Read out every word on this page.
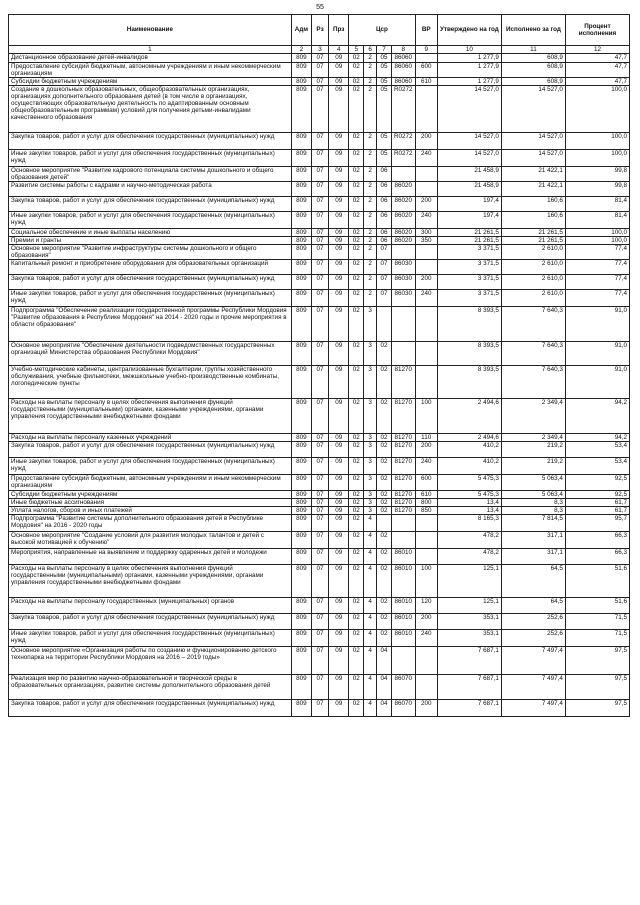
55
Наименование	Адм	Рз	Прз	Цср				ВР	Утверждено на год	Исполнено за год	Процент исполнения
1	2	3	4	5	6	7	8	9	10	11	12
Дистанционное образование детей-инвалидов	809	07	09	02	2	05	86060		1 277,9	608,9	47,7
Предоставление субсидий бюджетным, автономным учреждениям и иным некоммерческим организациям	809	07	09	02	2	05	86060	600	1 277,9	608,9	47,7
Субсидии бюджетным учреждениям	809	07	09	02	2	05	86060	610	1 277,9	608,9	47,7
Создание в дошкольных образовательных, общеобразовательных организациях, организациях дополнительного образования детей (в том числе в организациях, осуществляющих образовательную деятельность по адаптированным основным общеобразовательным программам) условий для получения детьми-инвалидами качественного образования	809	07	09	02	2	05	R0272		14 527,0	14 527,0	100,0
Закупка товаров, работ и услуг для обеспечения государственных (муниципальных) нужд	809	07	09	02	2	05	R0272	200	14 527,0	14 527,0	100,0
Иные закупки товаров, работ и услуг для обеспечения государственных (муниципальных) нужд	809	07	09	02	2	05	R0272	240	14 527,0	14 527,0	100,0
Основное мероприятие "Развитие кадрового потенциала системы дошкольного и общего образования детей"	809	07	09	02	2	06			21 458,9	21 422,1	99,8
Развитие системы работы с кадрами и научно-методическая работа	809	07	09	02	2	06	86020		21 458,9	21 422,1	99,8
Закупка товаров, работ и услуг для обеспечения государственных (муниципальных) нужд	809	07	09	02	2	06	86020	200	197,4	160,6	81,4
Иные закупки товаров, работ и услуг для обеспечения государственных (муниципальных) нужд	809	07	09	02	2	06	86020	240	197,4	160,6	81,4
Социальное обеспечение и иные выплаты населению	809	07	09	02	2	06	86020	300	21 261,5	21 261,5	100,0
Премии и гранты	809	07	09	02	2	06	86020	350	21 261,5	21 261,5	100,0
Основное мероприятие "Развитие инфраструктуры системы дошкольного и общего образования"	809	07	09	02	2	07			3 371,5	2 610,0	77,4
Капитальный ремонт и приобретение оборудования для образовательных организаций	809	07	09	02	2	07	86030		3 371,5	2 610,0	77,4
Закупка товаров, работ и услуг для обеспечения государственных (муниципальных) нужд	809	07	09	02	2	07	86030	200	3 371,5	2 610,0	77,4
Иные закупки товаров, работ и услуг для обеспечения государственных (муниципальных) нужд	809	07	09	02	2	07	86030	240	3 371,5	2 610,0	77,4
Подпрограмма "Обеспечение реализации государственной программы Республики Мордовия "Развитие образования в Республике Мордовия" на 2014 - 2020 годы и прочие мероприятия в области образования"	809	07	09	02	3				8 393,5	7 640,3	91,0
Основное мероприятие "Обеспечение деятельности подведомственных государственных организаций Министерства образования Республики Мордовия"	809	07	09	02	3	02			8 393,5	7 640,3	91,0
Учебно-методические кабинеты, централизованные бухгалтерии, группы хозяйственного обслуживания, учебные фильмотеки, межшкольные учебно-производственные комбинаты, логопедические пункты	809	07	09	02	3	02	81270		8 393,5	7 640,3	91,0
Расходы на выплаты персоналу в целях обеспечения выполнения функций государственными (муниципальными) органами, казенными учреждениями, органами управления государственными внебюджетными фондами	809	07	09	02	3	02	81270	100	2 494,6	2 349,4	94,2
Расходы на выплаты персоналу казенных учреждений	809	07	09	02	3	02	81270	110	2 494,6	2 349,4	94,2
Закупка товаров, работ и услуг для обеспечения государственных (муниципальных) нужд	809	07	09	02	3	02	81270	200	410,2	219,2	53,4
Иные закупки товаров, работ и услуг для обеспечения государственных (муниципальных) нужд	809	07	09	02	3	02	81270	240	410,2	219,2	53,4
Предоставление субсидий бюджетным, автономным учреждениям и иным некоммерческим организациям	809	07	09	02	3	02	81270	600	5 475,3	5 063,4	92,5
Субсидии бюджетным учреждениям	809	07	09	02	3	02	81270	610	5 475,3	5 063,4	92,5
Иные бюджетные ассигнования	809	07	09	02	3	02	81270	800	13,4	8,3	61,7
Уплата налогов, сборов и иных платежей	809	07	09	02	3	02	81270	850	13,4	8,3	61,7
Подпрограмма "Развитие системы дополнительного образования детей в Республике Мордовия" на 2016 - 2020 годы	809	07	09	02	4				8 165,3	7 814,5	95,7
Основное мероприятие "Создание условий для развития молодых талантов и детей с высокой мотивацией к обучению"	809	07	09	02	4	02			478,2	317,1	66,3
Мероприятия, направленные на выявление и поддержку одаренных детей и молодежи	809	07	09	02	4	02	86010		478,2	317,1	66,3
Расходы на выплаты персоналу в целях обеспечения выполнения функций государственными (муниципальными) органами, казенными учреждениями, органами управления государственными внебюджетными фондами	809	07	09	02	4	02	86010	100	125,1	64,5	51,6
Расходы на выплаты персоналу государственных (муниципальных) органов	809	07	09	02	4	02	86010	120	125,1	64,5	51,6
Закупка товаров, работ и услуг для обеспечения государственных (муниципальных) нужд	809	07	09	02	4	02	86010	200	353,1	252,6	71,5
Иные закупки товаров, работ и услуг для обеспечения государственных (муниципальных) нужд	809	07	09	02	4	02	86010	240	353,1	252,6	71,5
Основное мероприятие «Организация работы по созданию и функционированию детского технопарка на территории Республики Мордовия на 2016 – 2019 годы»	809	07	09	02	4	04			7 687,1	7 497,4	97,5
Реализация мер по развитию научно-образовательной и творческой среды в образовательных организациях, развитие системы дополнительного образования детей	809	07	09	02	4	04	86070		7 687,1	7 497,4	97,5
Закупка товаров, работ и услуг для обеспечения государственных (муниципальных) нужд	809	07	09	02	4	04	86070	200	7 687,1	7 497,4	97,5
